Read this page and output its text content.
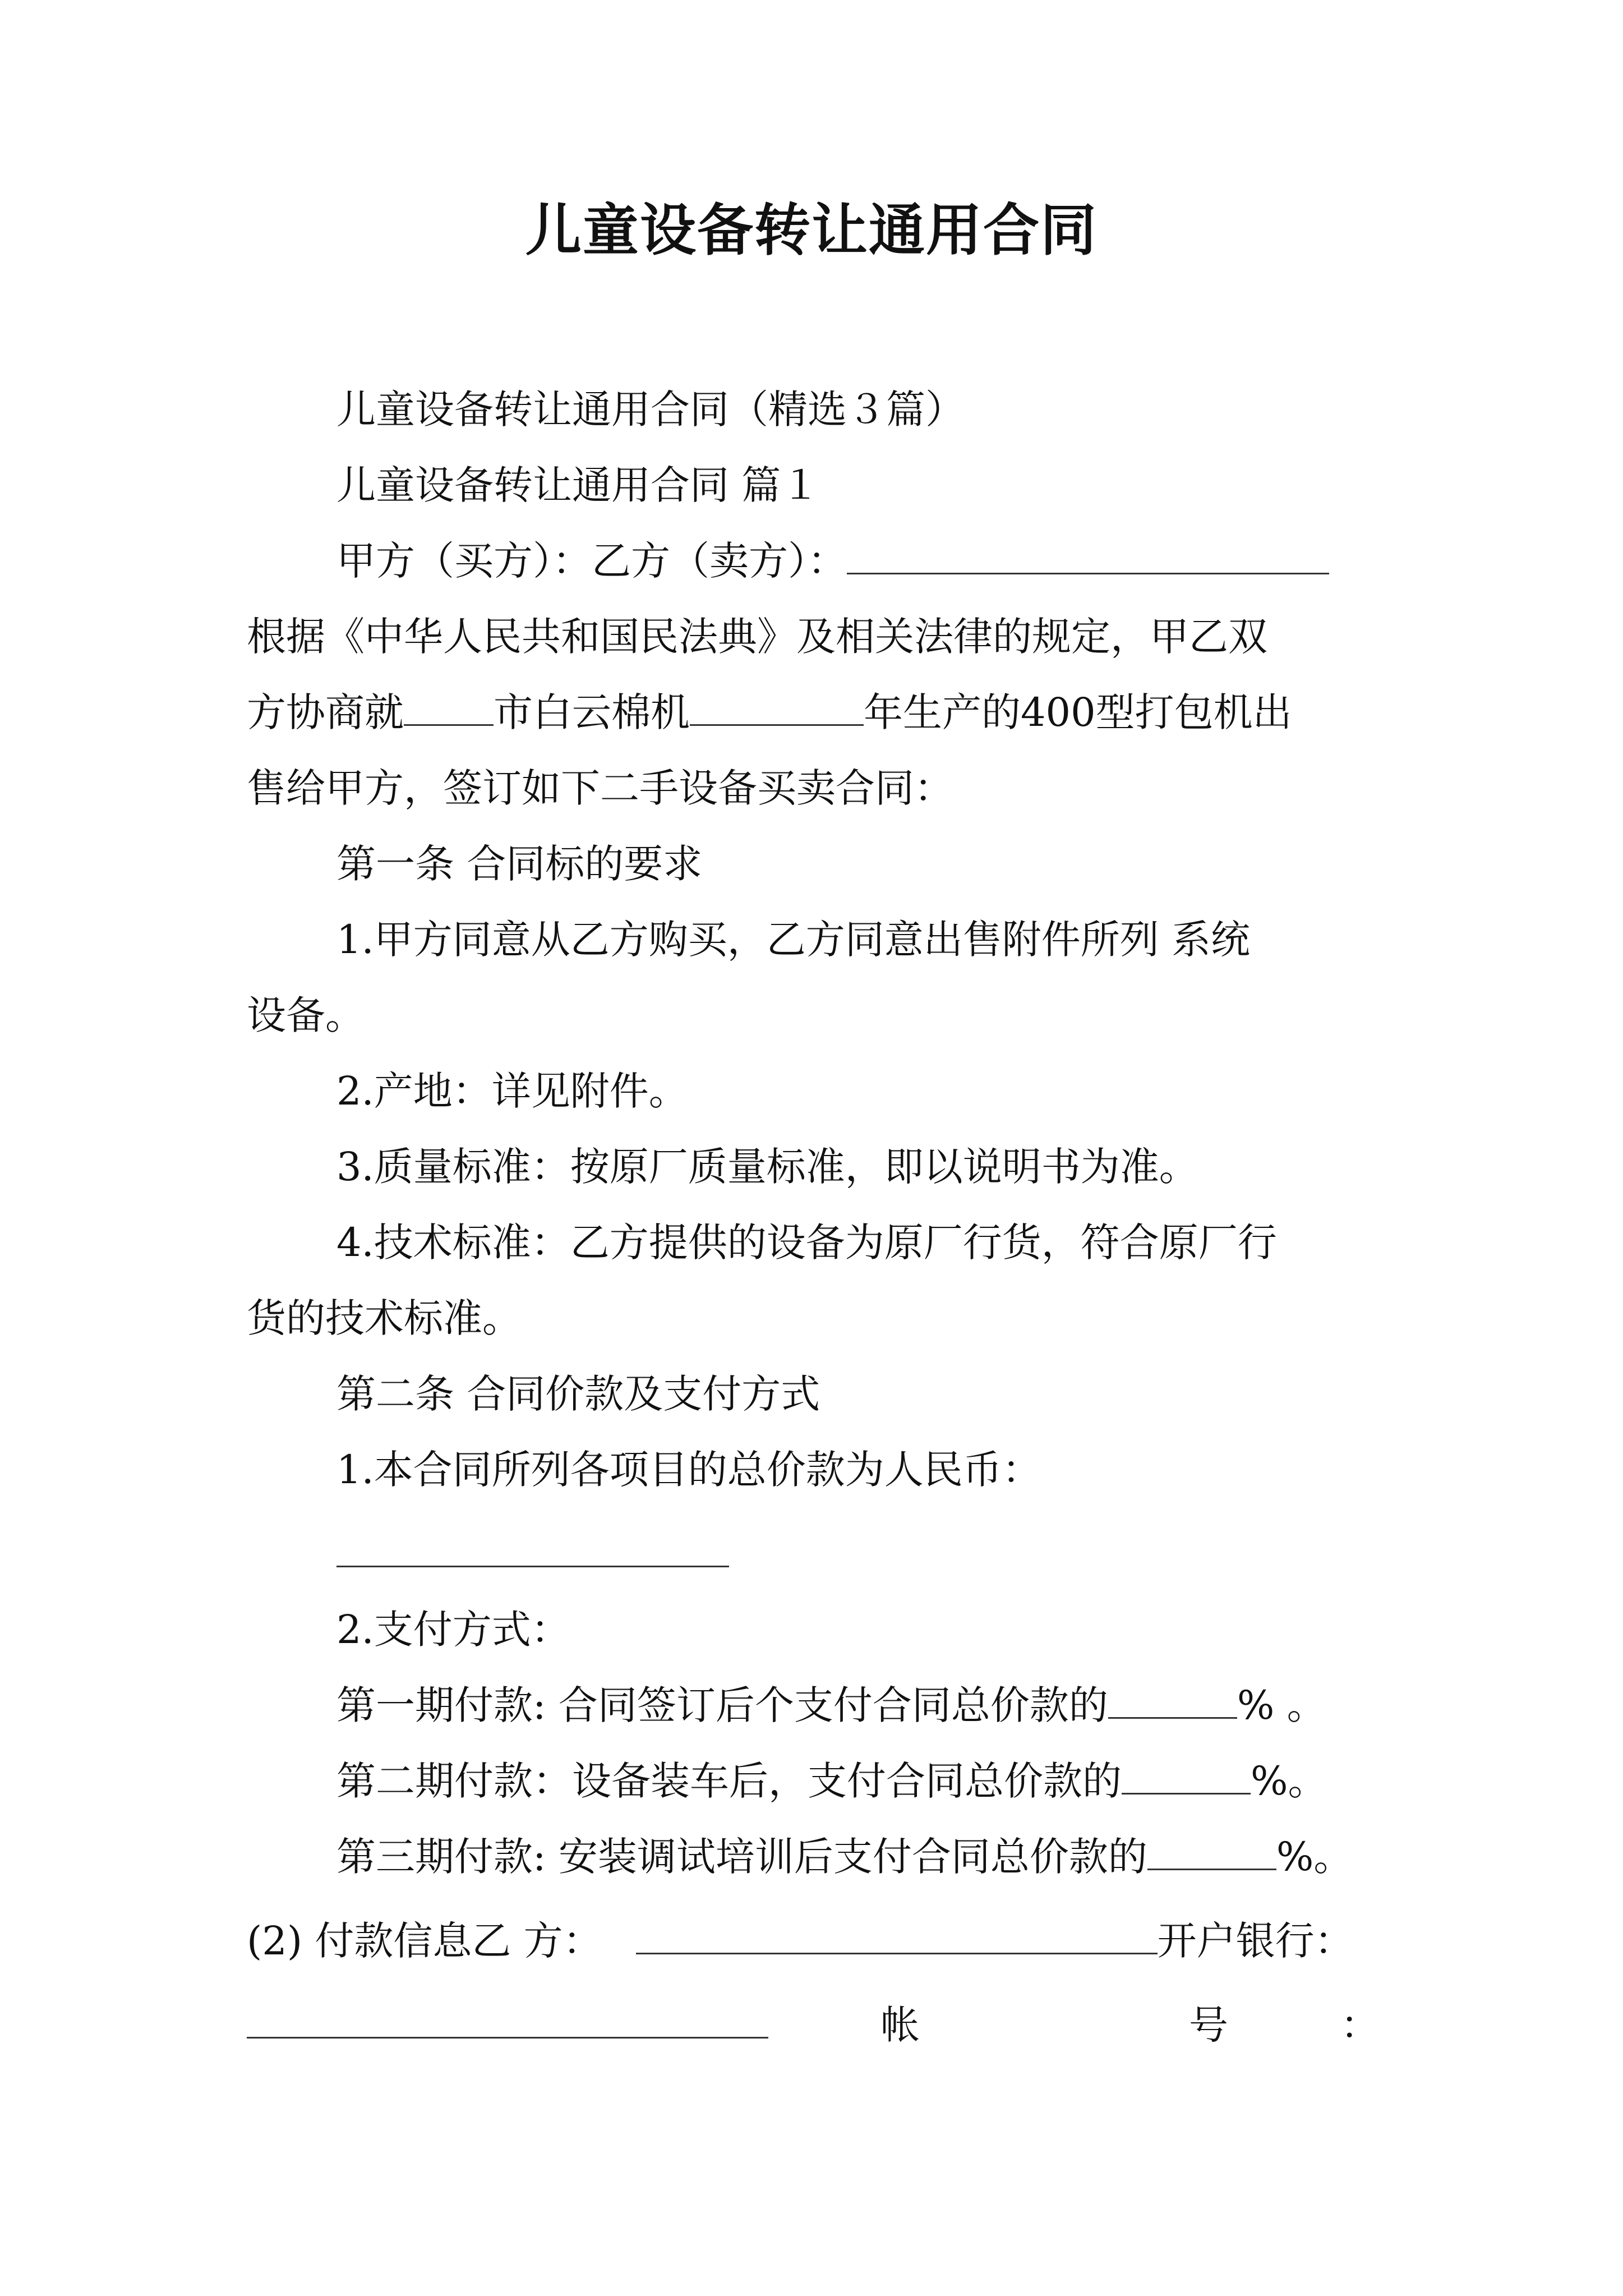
儿童设备转让通用合同

儿童设备转让通用合同（精选３篇）

儿童设备转让通用合同 篇１

甲方（买方）：乙方（卖方）：

根据《中华人民共和国民法典》及相关法律的规定，甲乙双

方协商就 市白云棉机	年生产的400型打包机出

售给甲方，签订如下二手设备买卖合同：

第一条 合同标的要求

1.甲方同意从乙方购买，乙方同意出售附件所列 系统

设备。

2.产地：详见附件。

3.质量标准：按原厂质量标准，即以说明书为准。

4.技术标准：乙方提供的设备为原厂行货，符合原厂行

货的技术标准。

第二条 合同价款及支付方式

1.本合同所列各项目的总价款为人民币：

2.支付方式：

第一期付款: 合同签订后个支付合同总价款的	% 。

第二期付款：设备装车后，支付合同总价款的	%。

第三期付款: 安装调试培训后支付合同总价款的	%。

(2) 付款信息乙 方：	开户银行：

帐	号	：
